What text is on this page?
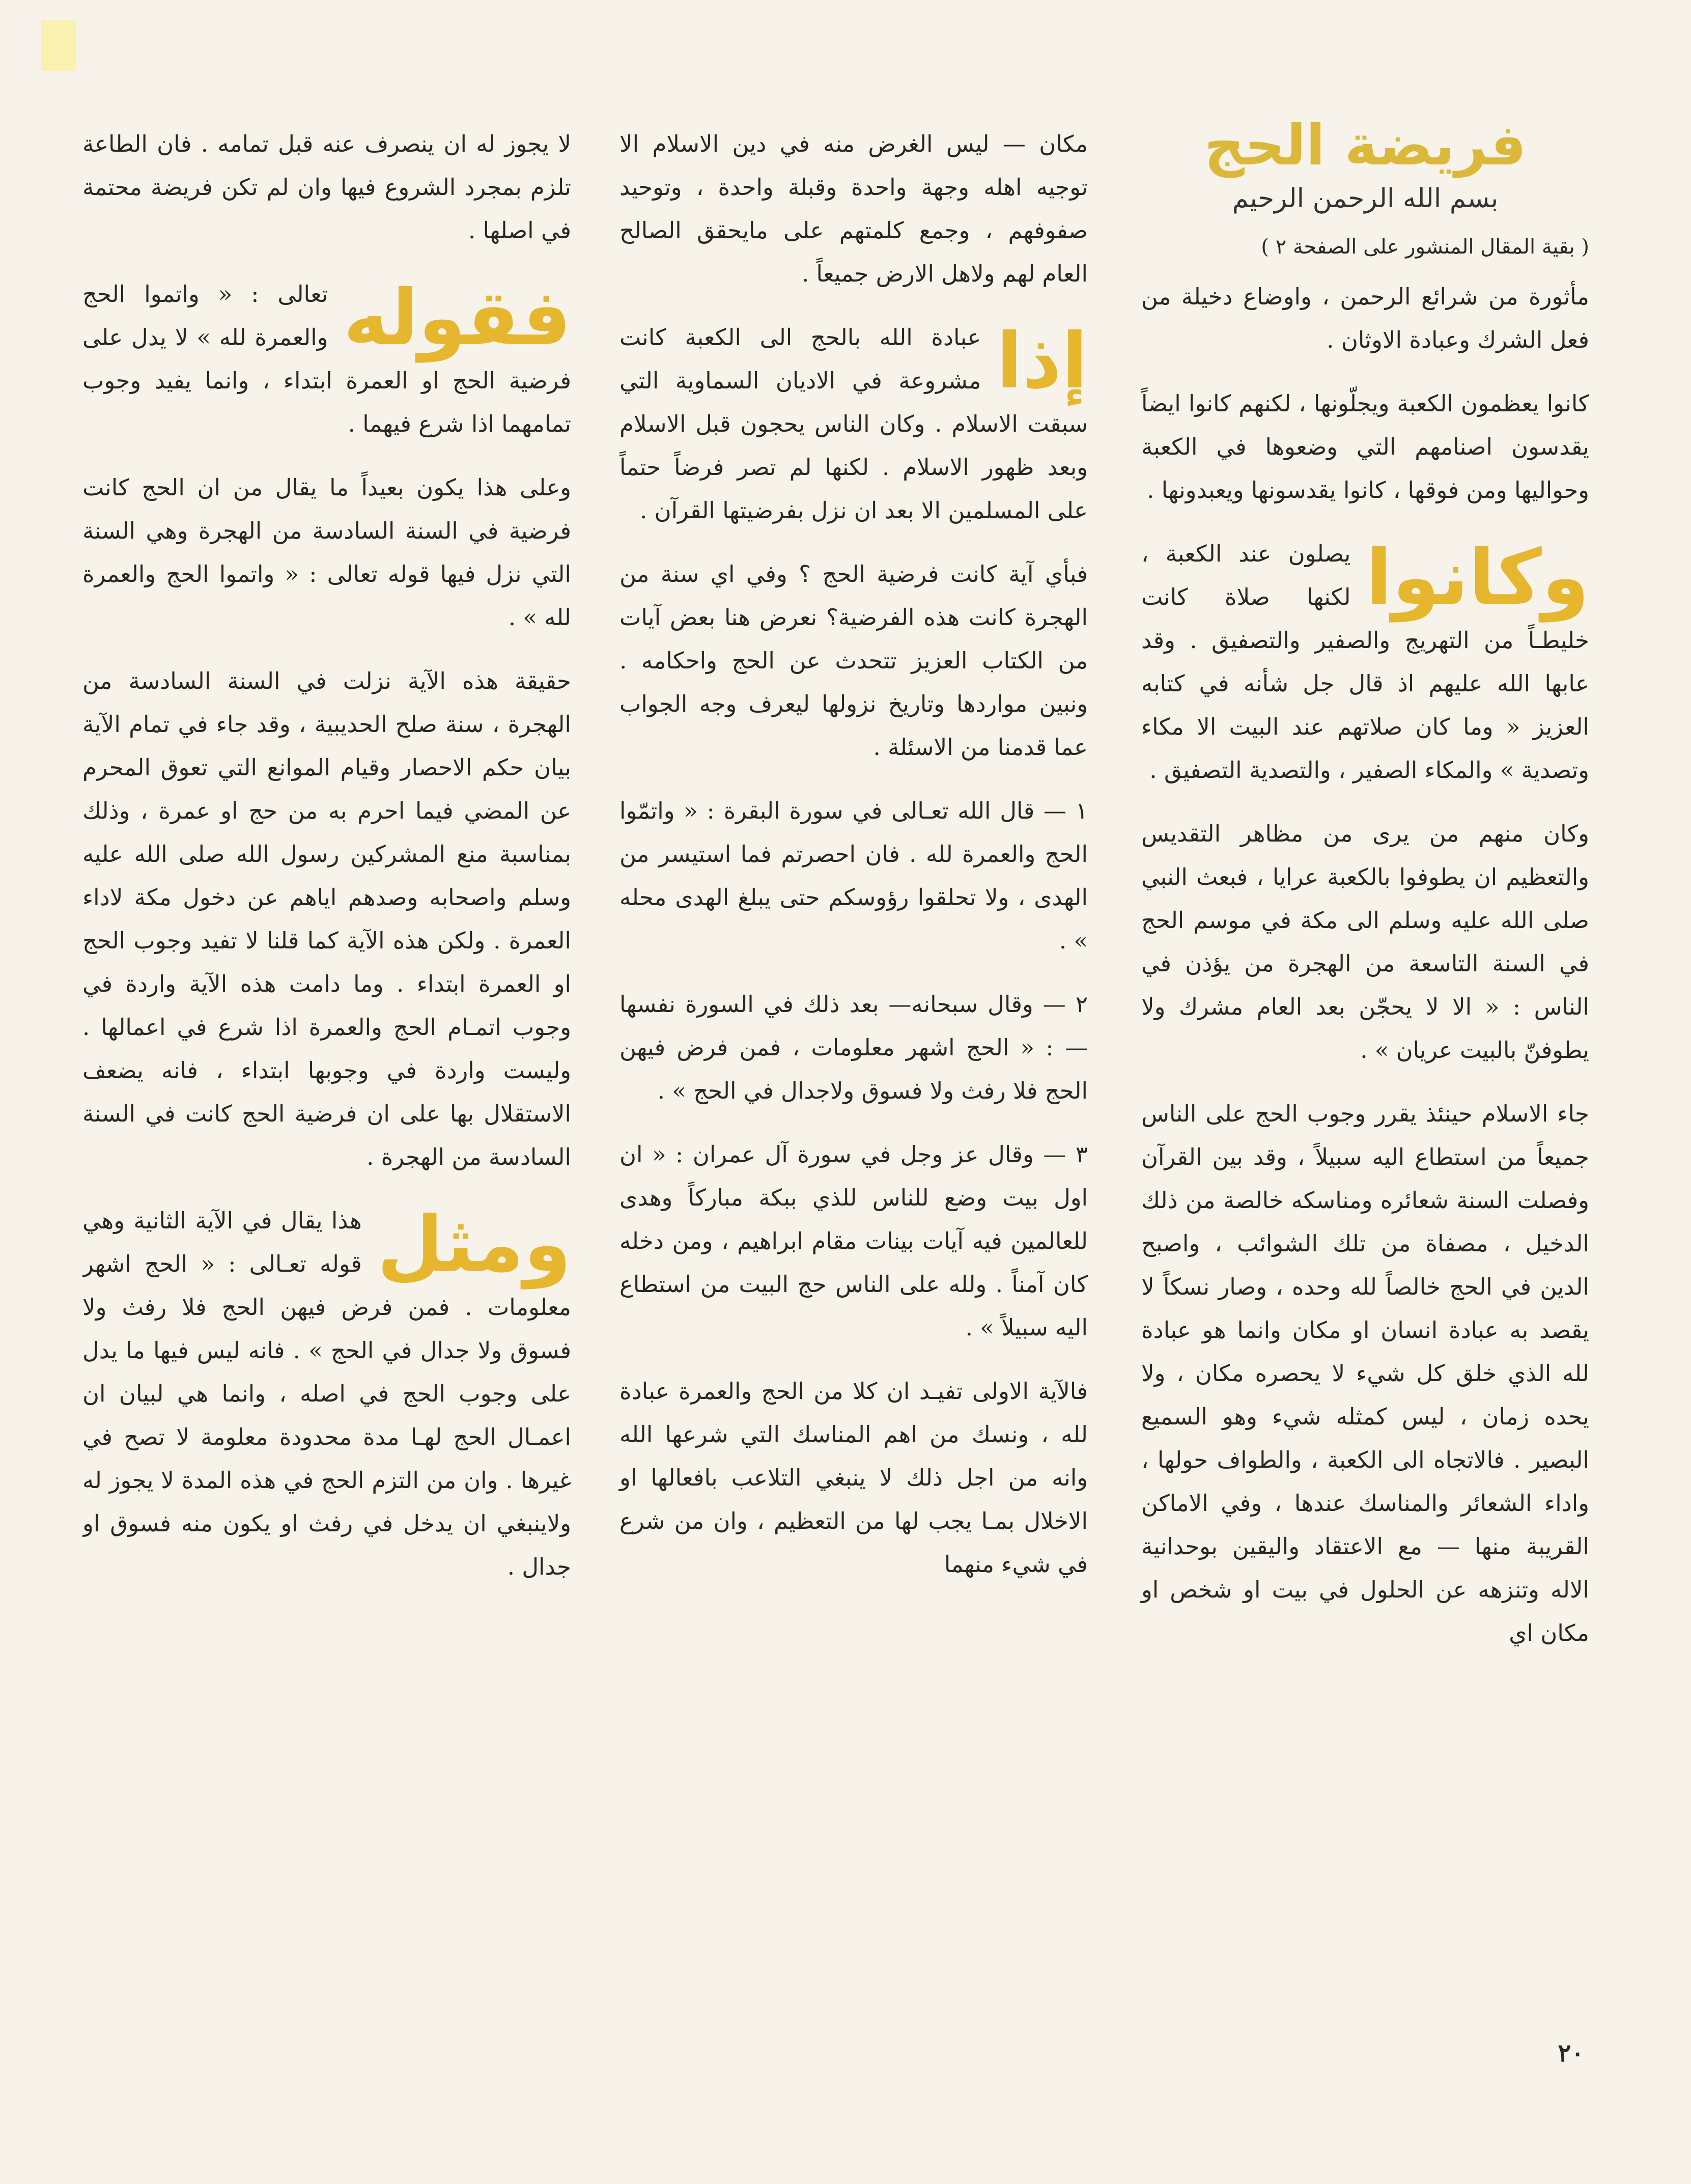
فريضة الحج
بسم الله الرحمن الرحيم
( بقية المقال المنشور على الصفحة ٢ )

مأثورة من شرائع الرحمن ، واوضاع دخيلة من فعل الشرك وعبادة الاوثان .

كانوا يعظمون الكعبة ويجلّونها ، لكنهم كانوا ايضاً يقدسون اصنامهم التي وضعوها في الكعبة وحواليها ومن فوقها ، كانوا يقدسونها ويعبدونها .

وكانوا
يصلون عند الكعبة ، لكنها صلاة كانت خليطـاً من التهريج والصفير والتصفيق . وقد عابها الله عليهم اذ قال جل شأنه في كتابه العزيز « وما كان صلاتهم عند البيت الا مكاء وتصدية » والمكاء الصفير ، والتصدية التصفيق .

وكان منهم من يرى من مظاهر التقديس والتعظيم ان يطوفوا بالكعبة عرايا ، فبعث النبي صلى الله عليه وسلم الى مكة في موسم الحج في السنة التاسعة من الهجرة من يؤذن في الناس : « الا لا يحجّن بعد العام مشرك ولا يطوفنّ بالبيت عريان » .

جاء الاسلام حينئذ يقرر وجوب الحج على الناس جميعاً من استطاع اليه سبيلاً ، وقد بين القرآن وفصلت السنة شعائره ومناسكه خالصة من ذلك الدخيل ، مصفاة من تلك الشوائب ، واصبح الدين في الحج خالصاً لله وحده ، وصار نسكاً لا يقصد به عبادة انسان او مكان وانما هو عبادة لله الذي خلق كل شيء لا يحصره مكان ، ولا يحده زمان ، ليس كمثله شيء وهو السميع البصير . فالاتجاه الى الكعبة ، والطواف حولها ، واداء الشعائر والمناسك عندها ، وفي الاماكن القريبة منها — مع الاعتقاد واليقين بوحدانية الاله وتنزهه عن الحلول في بيت او شخص او مكان اي

مكان — ليس الغرض منه في دين الاسلام الا توجيه اهله وجهة واحدة وقبلة واحدة ، وتوحيد صفوفهم ، وجمع كلمتهم على مايحقق الصالح العام لهم ولاهل الارض جميعاً .

إذا
عبادة الله بالحج الى الكعبة كانت مشروعة في الاديان السماوية التي سبقت الاسلام . وكان الناس يحجون قبل الاسلام وبعد ظهور الاسلام . لكنها لم تصر فرضاً حتماً على المسلمين الا بعد ان نزل بفرضيتها القرآن .

فبأي آية كانت فرضية الحج ؟ وفي اي سنة من الهجرة كانت هذه الفرضية؟ نعرض هنا بعض آيات من الكتاب العزيز تتحدث عن الحج واحكامه . ونبين مواردها وتاريخ نزولها ليعرف وجه الجواب عما قدمنا من الاسئلة .

١ — قال الله تعـالى في سورة البقرة : « واتمّوا الحج والعمرة لله . فان احصرتم فما استيسر من الهدى ، ولا تحلقوا رؤوسكم حتى يبلغ الهدى محله » .

٢ — وقال سبحانه— بعد ذلك في السورة نفسها — : « الحج اشهر معلومات ، فمن فرض فيهن الحج فلا رفث ولا فسوق ولاجدال في الحج » .

٣ — وقال عز وجل في سورة آل عمران : « ان اول بيت وضع للناس للذي ببكة مباركاً وهدى للعالمين فيه آيات بينات مقام ابراهيم ، ومن دخله كان آمناً . ولله على الناس حج البيت من استطاع اليه سبيلاً » .

فالآية الاولى تفيـد ان كلا من الحج والعمرة عبادة لله ، ونسك من اهم المناسك التي شرعها الله وانه من اجل ذلك لا ينبغي التلاعب بافعالها او الاخلال بمـا يجب لها من التعظيم ، وان من شرع في شيء منهما

لا يجوز له ان ينصرف عنه قبل تمامه . فان الطاعة تلزم بمجرد الشروع فيها وان لم تكن فريضة محتمة في اصلها .

فقوله
تعالى : « واتموا الحج والعمرة لله » لا يدل على فرضية الحج او العمرة ابتداء ، وانما يفيد وجوب تمامهما اذا شرع فيهما .

وعلى هذا يكون بعيداً ما يقال من ان الحج كانت فرضية في السنة السادسة من الهجرة وهي السنة التي نزل فيها قوله تعالى : « واتموا الحج والعمرة لله » .

حقيقة هذه الآية نزلت في السنة السادسة من الهجرة ، سنة صلح الحديبية ، وقد جاء في تمام الآية بيان حكم الاحصار وقيام الموانع التي تعوق المحرم عن المضي فيما احرم به من حج او عمرة ، وذلك بمناسبة منع المشركين رسول الله صلى الله عليه وسلم واصحابه وصدهم اياهم عن دخول مكة لاداء العمرة . ولكن هذه الآية كما قلنا لا تفيد وجوب الحج او العمرة ابتداء . وما دامت هذه الآية واردة في وجوب اتمـام الحج والعمرة اذا شرع في اعمالها . وليست واردة في وجوبها ابتداء ، فانه يضعف الاستقلال بها على ان فرضية الحج كانت في السنة السادسة من الهجرة .

ومثل
هذا يقال في الآية الثانية وهي قوله تعـالى : « الحج اشهر معلومات . فمن فرض فيهن الحج فلا رفث ولا فسوق ولا جدال في الحج » . فانه ليس فيها ما يدل على وجوب الحج في اصله ، وانما هي لبيان ان اعمـال الحج لهـا مدة محدودة معلومة لا تصح في غيرها . وان من التزم الحج في هذه المدة لا يجوز له ولاينبغي ان يدخل في رفث او يكون منه فسوق او جدال .

٢٠
